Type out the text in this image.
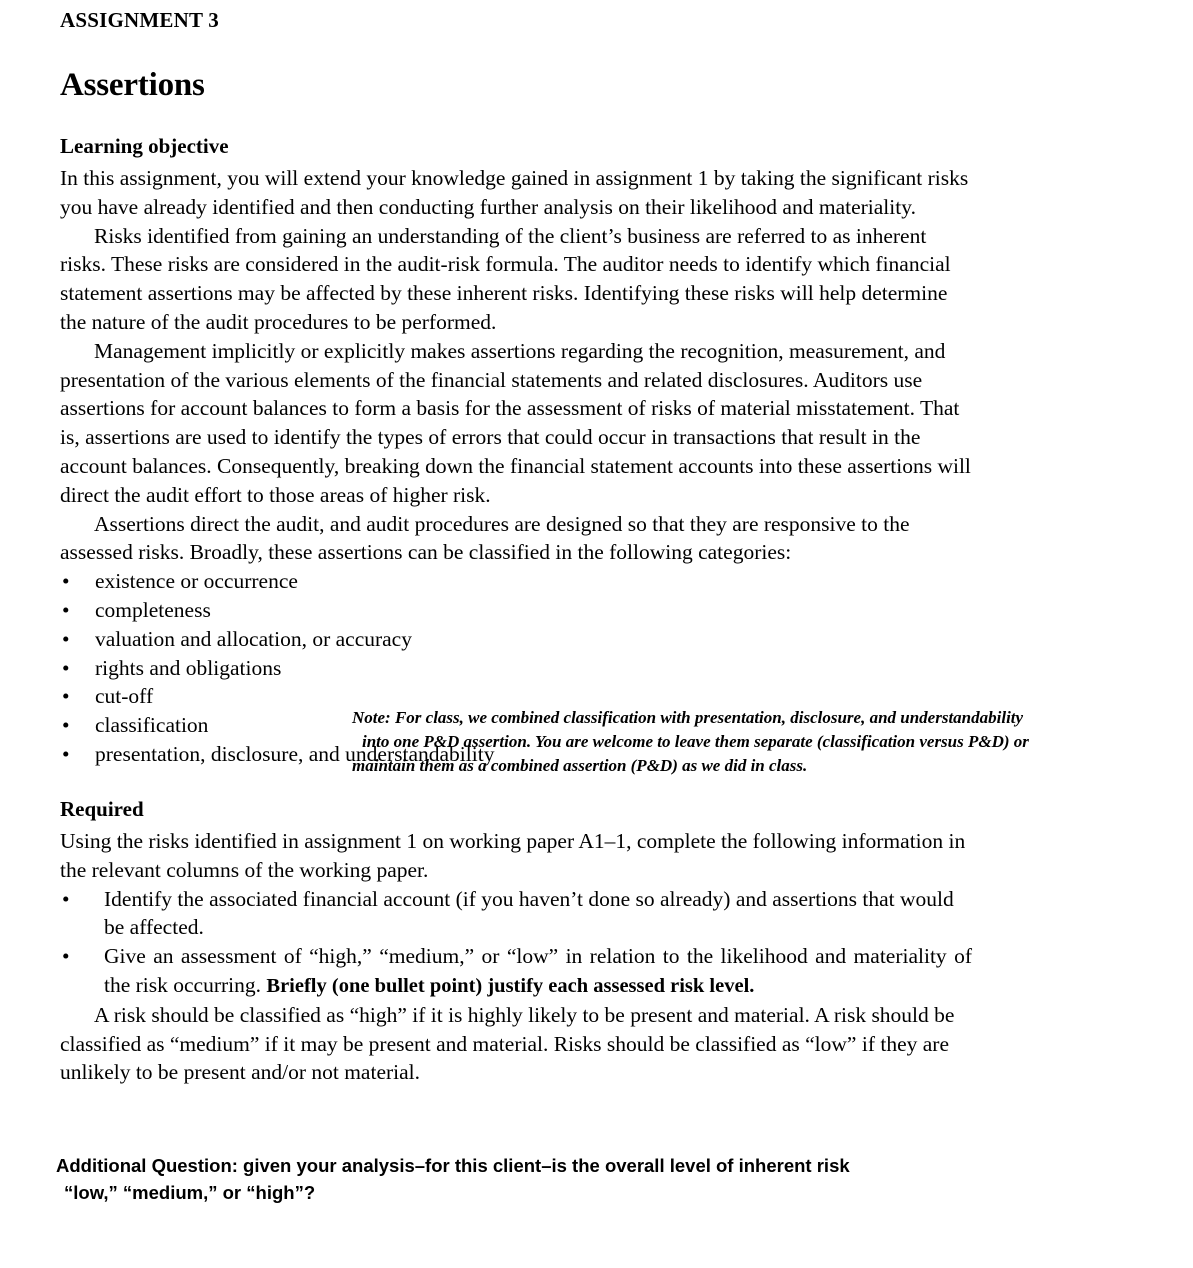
ASSIGNMENT 3
Assertions
Learning objective

In this assignment, you will extend your knowledge gained in assignment 1 by taking the significant risks you have already identified and then conducting further analysis on their likelihood and materiality.

Risks identified from gaining an understanding of the client’s business are referred to as inherent risks. These risks are considered in the audit-risk formula. The auditor needs to identify which financial statement assertions may be affected by these inherent risks. Identifying these risks will help determine the nature of the audit procedures to be performed.

Management implicitly or explicitly makes assertions regarding the recognition, measurement, and presentation of the various elements of the financial statements and related disclosures. Auditors use assertions for account balances to form a basis for the assessment of risks of material misstatement. That is, assertions are used to identify the types of errors that could occur in transactions that result in the account balances. Consequently, breaking down the financial statement accounts into these assertions will direct the audit effort to those areas of higher risk.

Assertions direct the audit, and audit procedures are designed so that they are responsive to the assessed risks. Broadly, these assertions can be classified in the following categories:

• existence or occurrence
• completeness
• valuation and allocation, or accuracy
• rights and obligations
• cut-off
• classification
• presentation, disclosure, and understandability
Required

Using the risks identified in assignment 1 on working paper A1–1, complete the following information in the relevant columns of the working paper.

• Identify the associated financial account (if you haven’t done so already) and assertions that would be affected.
• Give an assessment of “high,” “medium,” or “low” in relation to the likelihood and materiality of the risk occurring. Briefly (one bullet point) justify each assessed risk level.

A risk should be classified as “high” if it is highly likely to be present and material. A risk should be classified as “medium” if it may be present and material. Risks should be classified as “low” if they are unlikely to be present and/or not material.

Note: For class, we combined classification with presentation, disclosure, and understandability
into one P&D assertion. You are welcome to leave them separate (classification versus P&D) or
maintain them as a combined assertion (P&D) as we did in class.
Additional Question: given your analysis–for this client–is the overall level of inherent risk
“low,” “medium,” or “high”?
